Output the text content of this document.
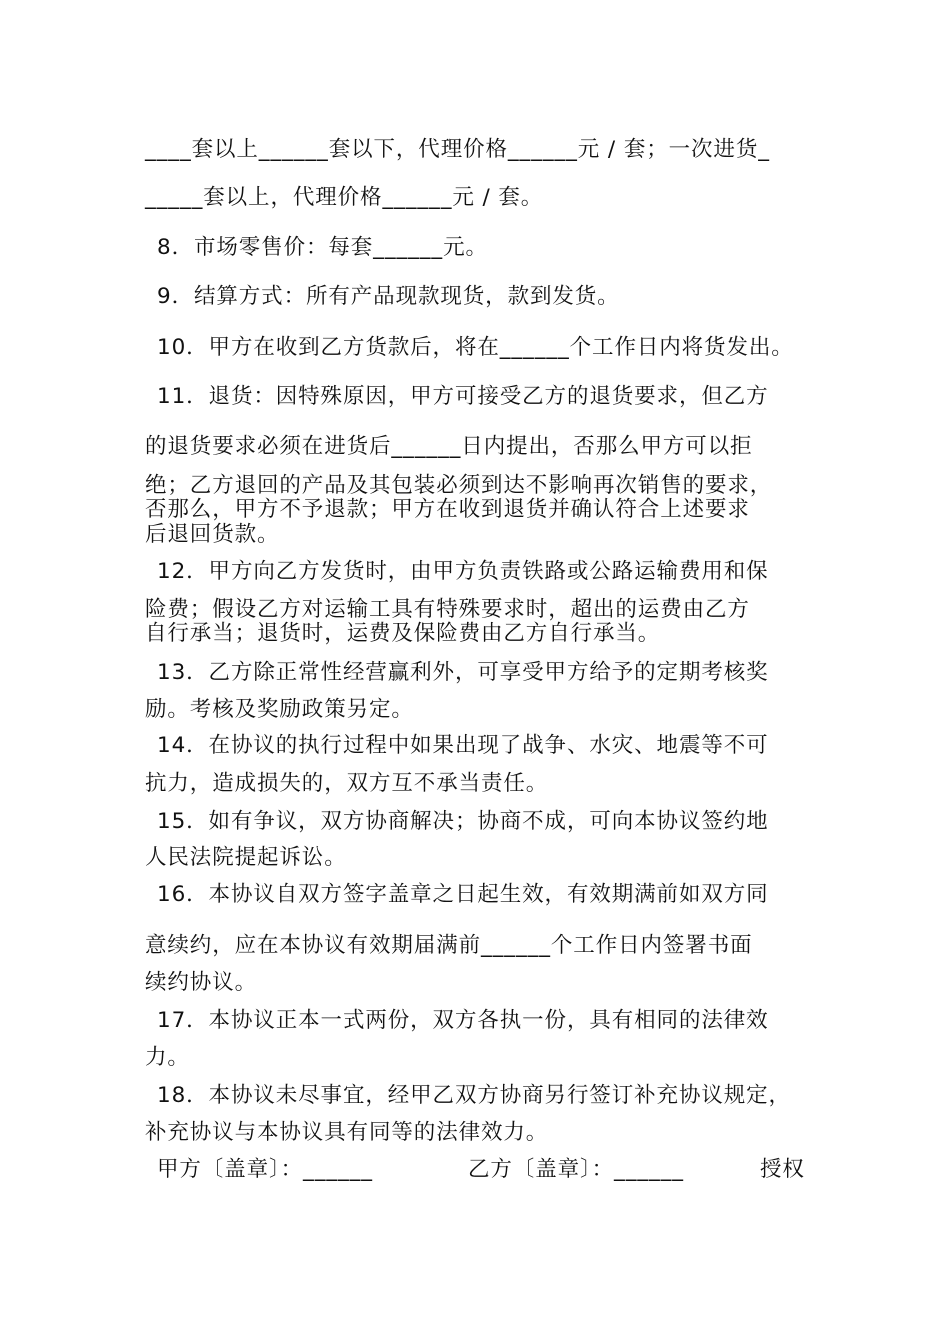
____套以上______套以下，代理价格______元 / 套；一次进货_
_____套以上，代理价格______元 / 套。
8．市场零售价：每套______元。
9．结算方式：所有产品现款现货，款到发货。
10．甲方在收到乙方货款后，将在______个工作日内将货发出。
11．退货：因特殊原因，甲方可接受乙方的退货要求，但乙方
的退货要求必须在进货后______日内提出，否那么甲方可以拒
绝；乙方退回的产品及其包装必须到达不影响再次销售的要求，
否那么，甲方不予退款；甲方在收到退货并确认符合上述要求
后退回货款。
12．甲方向乙方发货时，由甲方负责铁路或公路运输费用和保
险费；假设乙方对运输工具有特殊要求时，超出的运费由乙方
自行承当；退货时，运费及保险费由乙方自行承当。
13．乙方除正常性经营赢利外，可享受甲方给予的定期考核奖
励。考核及奖励政策另定。
14．在协议的执行过程中如果出现了战争、水灾、地震等不可
抗力，造成损失的，双方互不承当责任。
15．如有争议，双方协商解决；协商不成，可向本协议签约地
人民法院提起诉讼。
16．本协议自双方签字盖章之日起生效，有效期满前如双方同
意续约，应在本协议有效期届满前______个工作日内签署书面
续约协议。
17．本协议正本一式两份，双方各执一份，具有相同的法律效
力。
18．本协议未尽事宜，经甲乙双方协商另行签订补充协议规定，
补充协议与本协议具有同等的法律效力。
甲方〔盖章〕：______	乙方〔盖章〕：______	授权
